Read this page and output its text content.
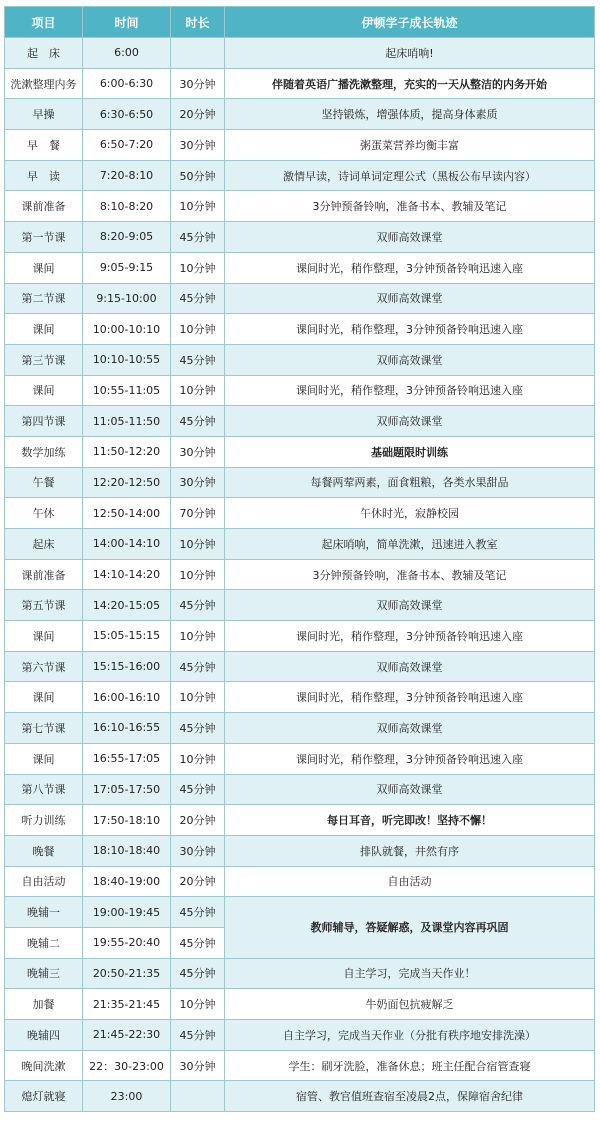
项目	时间	时长	伊顿学子成长轨迹
起　床	6:00		起床哨响!
洗漱整理内务	6:00-6:30	30分钟	伴随着英语广播洗漱整理，充实的一天从整洁的内务开始
早操	6:30-6:50	20分钟	坚持锻炼，增强体质，提高身体素质
早　餐	6:50-7:20	30分钟	粥蛋菜营养均衡丰富
早　读	7:20-8:10	50分钟	激情早读，诗词单词定理公式（黑板公布早读内容）
课前准备	8:10-8:20	10分钟	3分钟预备铃响，准备书本、教辅及笔记
第一节课	8:20-9:05	45分钟	双师高效课堂
课间	9:05-9:15	10分钟	课间时光，稍作整理，3分钟预备铃响迅速入座
第二节课	9:15-10:00	45分钟	双师高效课堂
课间	10:00-10:10	10分钟	课间时光，稍作整理，3分钟预备铃响迅速入座
第三节课	10:10-10:55	45分钟	双师高效课堂
课间	10:55-11:05	10分钟	课间时光，稍作整理，3分钟预备铃响迅速入座
第四节课	11:05-11:50	45分钟	双师高效课堂
数学加练	11:50-12:20	30分钟	基础题限时训练
午餐	12:20-12:50	30分钟	每餐两荤两素，面食粗粮，各类水果甜品
午休	12:50-14:00	70分钟	午休时光，寂静校园
起床	14:00-14:10	10分钟	起床哨响，简单洗漱，迅速进入教室
课前准备	14:10-14:20	10分钟	3分钟预备铃响，准备书本、教辅及笔记
第五节课	14:20-15:05	45分钟	双师高效课堂
课间	15:05-15:15	10分钟	课间时光，稍作整理，3分钟预备铃响迅速入座
第六节课	15:15-16:00	45分钟	双师高效课堂
课间	16:00-16:10	10分钟	课间时光，稍作整理，3分钟预备铃响迅速入座
第七节课	16:10-16:55	45分钟	双师高效课堂
课间	16:55-17:05	10分钟	课间时光，稍作整理，3分钟预备铃响迅速入座
第八节课	17:05-17:50	45分钟	双师高效课堂
听力训练	17:50-18:10	20分钟	每日耳音，听完即改！坚持不懈！
晚餐	18:10-18:40	30分钟	排队就餐，井然有序
自由活动	18:40-19:00	20分钟	自由活动
晚辅一	19:00-19:45	45分钟	教师辅导，答疑解惑，及课堂内容再巩固
晚辅二	19:55-20:40	45分钟	
晚辅三	20:50-21:35	45分钟	自主学习，完成当天作业！
加餐	21:35-21:45	10分钟	牛奶面包抗疲解乏
晚辅四	21:45-22:30	45分钟	自主学习，完成当天作业（分批有秩序地安排洗澡）
晚间洗漱	22：30-23:00	30分钟	学生：刷牙洗脸，准备休息；班主任配合宿管查寝
熄灯就寝	23:00		宿管、教官值班查宿至凌晨2点，保障宿舍纪律
